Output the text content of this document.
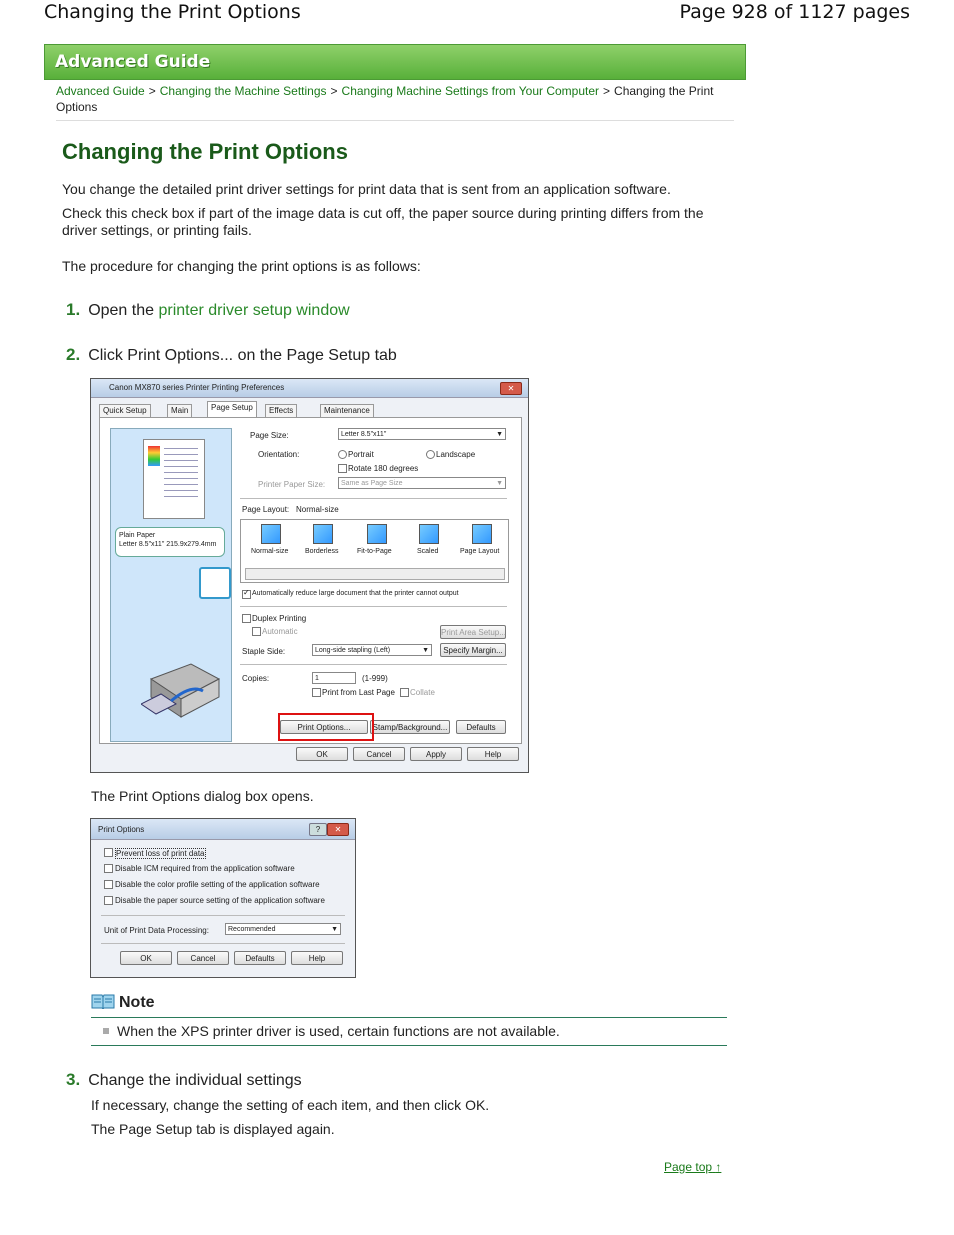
Changing the Print Options	Page 928 of 1127 pages
Advanced Guide
Advanced Guide > Changing the Machine Settings > Changing Machine Settings from Your Computer > Changing the Print Options
Changing the Print Options
You change the detailed print driver settings for print data that is sent from an application software.
Check this check box if part of the image data is cut off, the paper source during printing differs from the driver settings, or printing fails.
The procedure for changing the print options is as follows:
1. Open the printer driver setup window
2. Click Print Options... on the Page Setup tab
Canon MX870 series Printer Printing Preferences	✕
Quick Setup	Main	Page Setup	Effects	Maintenance
Plain Paper
Letter 8.5"x11" 215.9x279.4mm
Page Size:	Letter 8.5"x11"	▼
Orientation:	Portrait	Landscape
Rotate 180 degrees
Printer Paper Size:	Same as Page Size	▼
Page Layout: Normal-size
Normal-size Borderless	Fit-to-Page	Scaled	Page Layout
✓
Automatically reduce large document that the printer cannot output
Duplex Printing
Automatic	Print Area Setup...
Staple Side:	Long-side stapling (Left)	▼	Specify Margin...
Copies:	1	(1-999)
Print from Last Page Collate
Print Options...	Stamp/Background...	Defaults
OK	Cancel	Apply	Help
The Print Options dialog box opens.
Print Options	?	✕
Prevent loss of print data
Disable ICM required from the application software
Disable the color profile setting of the application software
Disable the paper source setting of the application software
Unit of Print Data Processing:	Recommended	▼
OK	Cancel	Defaults	Help
Note
When the XPS printer driver is used, certain functions are not available.
3. Change the individual settings
If necessary, change the setting of each item, and then click OK.
The Page Setup tab is displayed again.
Page top ↑
